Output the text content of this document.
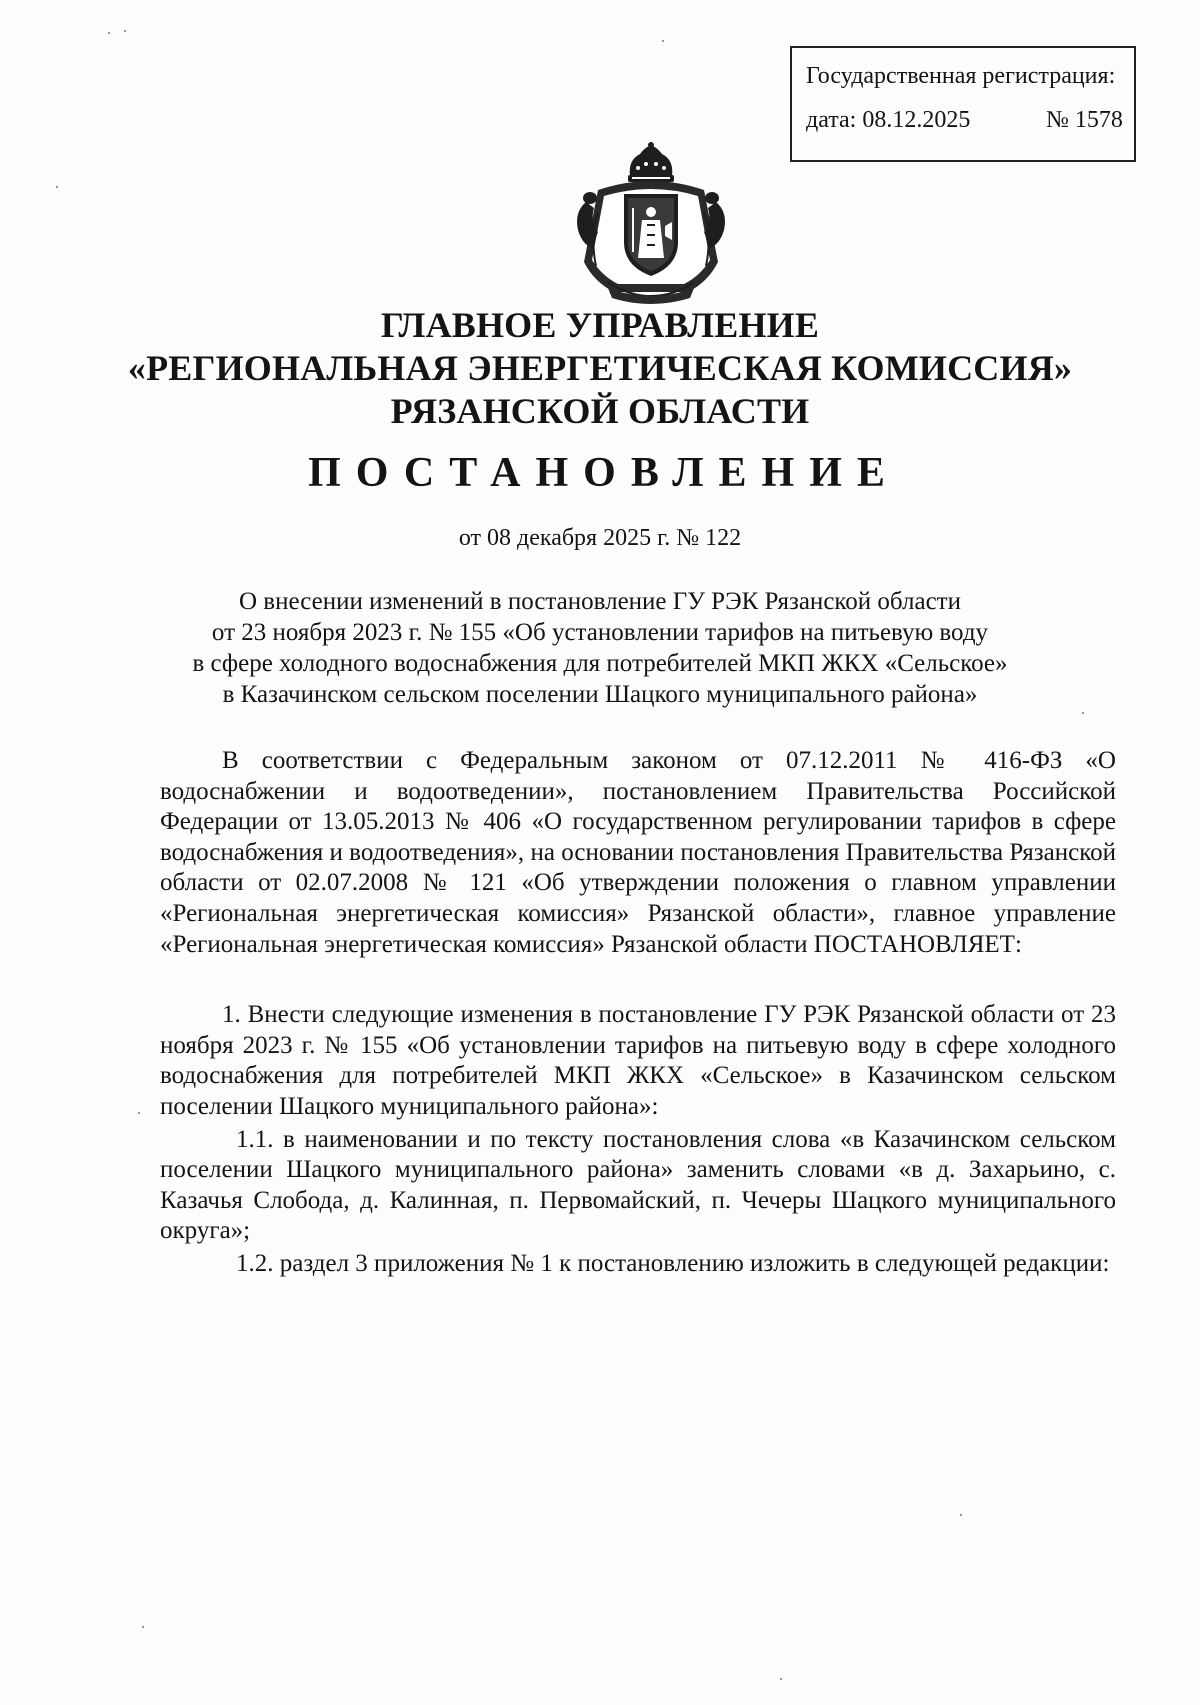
Государственная регистрация:
дата: 08.12.2025	№ 1578
ГЛАВНОЕ УПРАВЛЕНИЕ
«РЕГИОНАЛЬНАЯ ЭНЕРГЕТИЧЕСКАЯ КОМИССИЯ»
РЯЗАНСКОЙ ОБЛАСТИ
ПОСТАНОВЛЕНИЕ
от 08 декабря 2025 г. № 122
О внесении изменений в постановление ГУ РЭК Рязанской области
от 23 ноября 2023 г. № 155 «Об установлении тарифов на питьевую воду
в сфере холодного водоснабжения для потребителей МКП ЖКХ «Сельское»
в Казачинском сельском поселении Шацкого муниципального района»

В соответствии с Федеральным законом от 07.12.2011 № 416-ФЗ «О водоснабжении и водоотведении», постановлением Правительства Российской Федерации от 13.05.2013 № 406 «О государственном регулировании тарифов в сфере водоснабжения и водоотведения», на основании постановления Правительства Рязанской области от 02.07.2008 № 121 «Об утверждении положения о главном управлении «Региональная энергетическая комиссия» Рязанской области», главное управление «Региональная энергетическая комиссия» Рязанской области ПОСТАНОВЛЯЕТ:

1. Внести следующие изменения в постановление ГУ РЭК Рязанской области от 23 ноября 2023 г. № 155 «Об установлении тарифов на питьевую воду в сфере холодного водоснабжения для потребителей МКП ЖКХ «Сельское» в Казачинском сельском поселении Шацкого муниципального района»:

1.1. в наименовании и по тексту постановления слова «в Казачинском сельском поселении Шацкого муниципального района» заменить словами «в д. Захарьино, с. Казачья Слобода, д. Калинная, п. Первомайский, п. Чечеры Шацкого муниципального округа»;

1.2. раздел 3 приложения № 1 к постановлению изложить в следующей редакции:
